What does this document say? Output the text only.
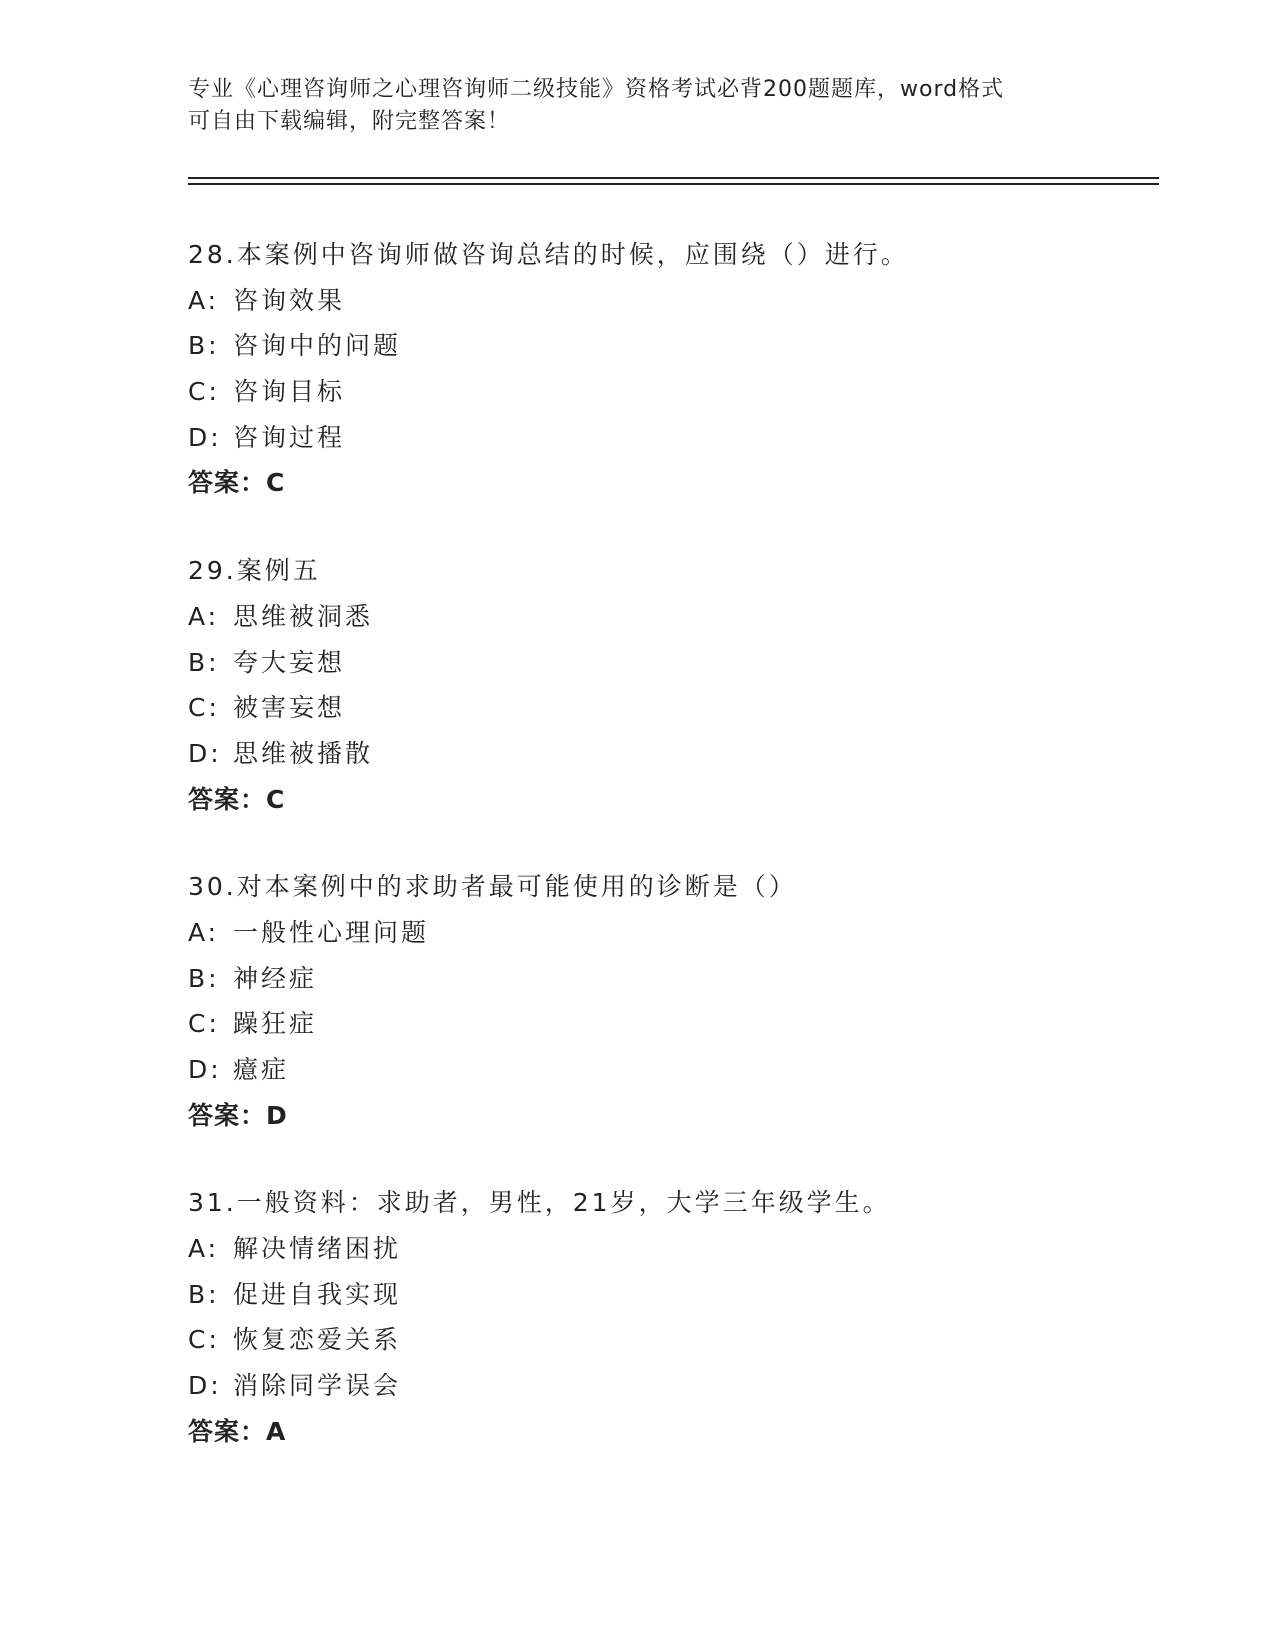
专业《心理咨询师之心理咨询师二级技能》资格考试必背200题题库，word格式
可自由下载编辑，附完整答案！
28.本案例中咨询师做咨询总结的时候，应围绕（）进行。
A: 咨询效果
B: 咨询中的问题
C: 咨询目标
D: 咨询过程
答案：C
29.案例五
A: 思维被洞悉
B: 夸大妄想
C: 被害妄想
D: 思维被播散
答案：C
30.对本案例中的求助者最可能使用的诊断是（）
A: 一般性心理问题
B: 神经症
C: 躁狂症
D: 癔症
答案：D
31.一般资料：求助者，男性，21岁，大学三年级学生。
A: 解决情绪困扰
B: 促进自我实现
C: 恢复恋爱关系
D: 消除同学误会
答案：A
